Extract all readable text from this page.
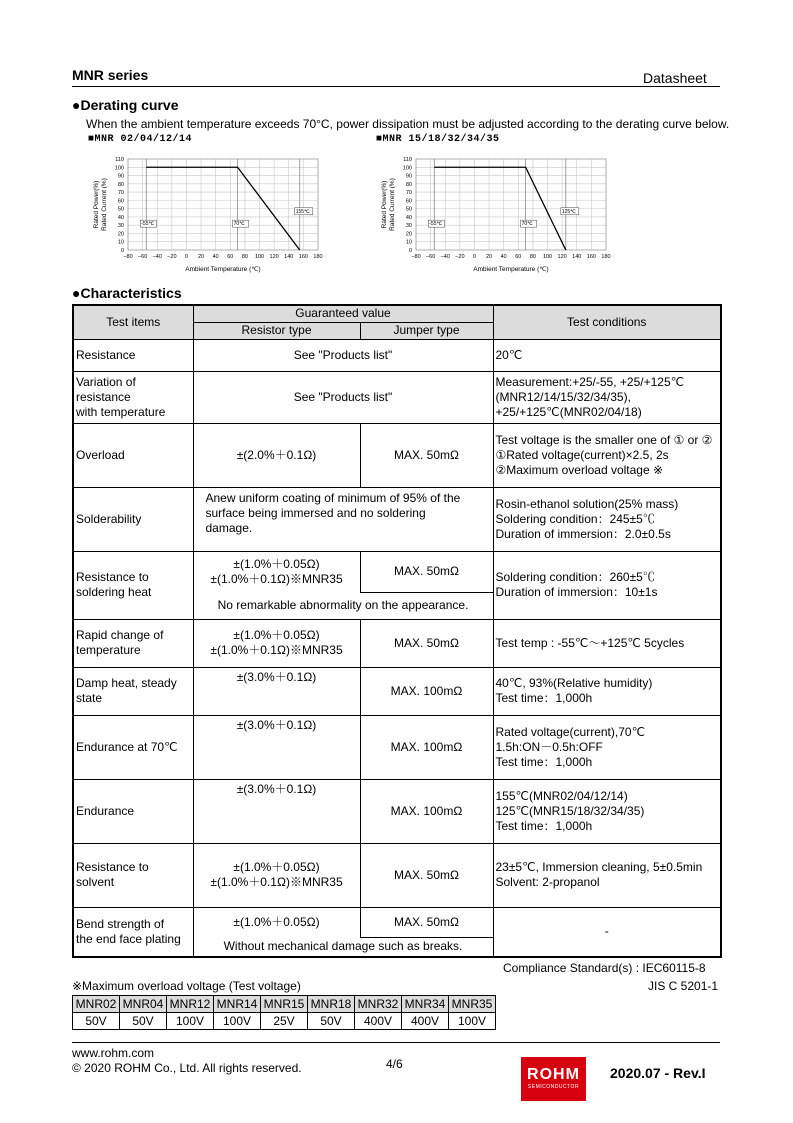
MNR series	Datasheet
●Derating curve
When the ambient temperature exceeds 70°C, power dissipation must be adjusted according to the derating curve below.
■MNR 02/04/12/14	■MNR 15/18/32/34/35
0
10
20
30
40
50
60
70
80
90
100
110
−80 −60 −40 −20 0 20 40 60 80 100 120 140 160 180
Ambient Temperature (℃)
Rated Power(%)Rated Current (%)	-55℃	70℃
155℃
0
10
20
30
40
50
60
70
80
90
100
110
−80 −60 −40 −20 0 20 40 60 80 100 120 140 160 180
Ambient Temperature (℃)
Rated Power(%)Rated Current (%)	-55℃	70℃
125℃
●Characteristics
Test items	Guaranteed value		Test conditions
	Resistor type	Jumper type	
Resistance	See "Products list"		20℃
Variation of
resistance
with temperature	See "Products list"		Measurement:+25/-55, +25/+125℃
(MNR12/14/15/32/34/35),
+25/+125℃(MNR02/04/18)
Overload	±(2.0%＋0.1Ω)	MAX. 50mΩ	Test voltage is the smaller one of ① or ②
①Rated voltage(current)×2.5, 2s
②Maximum overload voltage ※
Solderability	Anew uniform coating of minimum of 95% of the
surface being immersed and no soldering
damage.		Rosin-ethanol solution(25% mass)
Soldering condition：245±5℃
Duration of immersion：2.0±0.5s
Resistance to
soldering heat	±(1.0%＋0.05Ω)
±(1.0%＋0.1Ω)※MNR35	MAX. 50mΩ	Soldering condition：260±5℃
Duration of immersion：10±1s
	No remarkable abnormality on the appearance.		
Rapid change of
temperature	±(1.0%＋0.05Ω)
±(1.0%＋0.1Ω)※MNR35	MAX. 50mΩ	Test temp : -55℃～+125℃ 5cycles
Damp heat, steady
state	±(3.0%＋0.1Ω)	MAX. 100mΩ	40℃, 93%(Relative humidity)
Test time：1,000h
Endurance at 70℃	±(3.0%＋0.1Ω)	MAX. 100mΩ	Rated voltage(current),70℃
1.5h:ON－0.5h:OFF
Test time：1,000h
Endurance	±(3.0%＋0.1Ω)	MAX. 100mΩ	155℃(MNR02/04/12/14)
125℃(MNR15/18/32/34/35)
Test time：1,000h
Resistance to
solvent	±(1.0%＋0.05Ω)
±(1.0%＋0.1Ω)※MNR35	MAX. 50mΩ	23±5℃, Immersion cleaning, 5±0.5min
Solvent: 2-propanol
Bend strength of
the end face plating	±(1.0%＋0.05Ω)	MAX. 50mΩ	-
	Without mechanical damage such as breaks.		
Compliance Standard(s) : IEC60115-8
JIS C 5201-1
※Maximum overload voltage (Test voltage)
MNR02	MNR04	MNR12	MNR14	MNR15	MNR18	MNR32	MNR34	MNR35
50V	50V	100V	100V	25V	50V	400V	400V	100V
www.rohm.com
© 2020 ROHM Co., Ltd. All rights reserved.	4/6
ROHM
SEMICONDUCTOR
2020.07 - Rev.I
